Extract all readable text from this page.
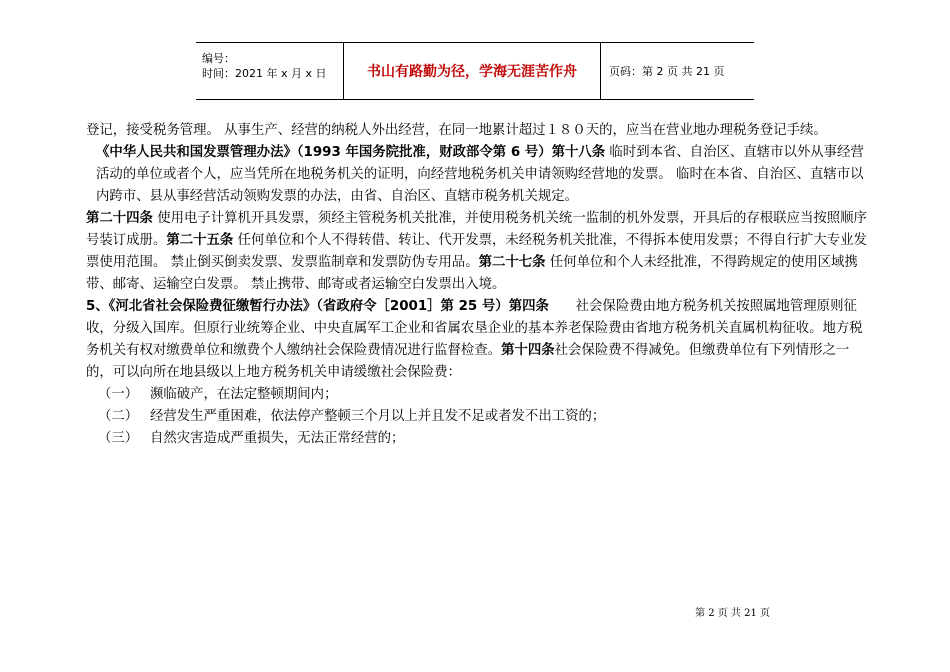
编号：
时间：2021 年 x 月 x 日	书山有路勤为径，学海无涯苦作舟	页码：第 2 页 共 21 页

登记，接受税务管理。 从事生产、经营的纳税人外出经营，在同一地累计超过１８０天的，应当在营业地办理税务登记手续。

《中华人民共和国发票管理办法》（1993 年国务院批准，财政部令第 6 号）第十八条 临时到本省、自治区、直辖市以外从事经营活动的单位或者个人，应当凭所在地税务机关的证明，向经营地税务机关申请领购经营地的发票。 临时在本省、自治区、直辖市以内跨市、县从事经营活动领购发票的办法，由省、自治区、直辖市税务机关规定。

第二十四条 使用电子计算机开具发票，须经主管税务机关批准，并使用税务机关统一监制的机外发票，开具后的存根联应当按照顺序号装订成册。第二十五条 任何单位和个人不得转借、转让、代开发票，未经税务机关批准，不得拆本使用发票；不得自行扩大专业发票使用范围。 禁止倒买倒卖发票、发票监制章和发票防伪专用品。第二十七条 任何单位和个人未经批准，不得跨规定的使用区域携带、邮寄、运输空白发票。 禁止携带、邮寄或者运输空白发票出入境。

5、《河北省社会保险费征缴暂行办法》（省政府令［2001］第 25 号）第四条　　社会保险费由地方税务机关按照属地管理原则征收，分级入国库。但原行业统筹企业、中央直属军工企业和省属农垦企业的基本养老保险费由省地方税务机关直属机构征收。地方税务机关有权对缴费单位和缴费个人缴纳社会保险费情况进行监督检查。第十四条社会保险费不得减免。但缴费单位有下列情形之一的，可以向所在地县级以上地方税务机关申请缓缴社会保险费：

（一） 濒临破产，在法定整顿期间内；

（二） 经营发生严重困难，依法停产整顿三个月以上并且发不足或者发不出工资的；

（三） 自然灾害造成严重损失，无法正常经营的；

第 2 页 共 21 页
